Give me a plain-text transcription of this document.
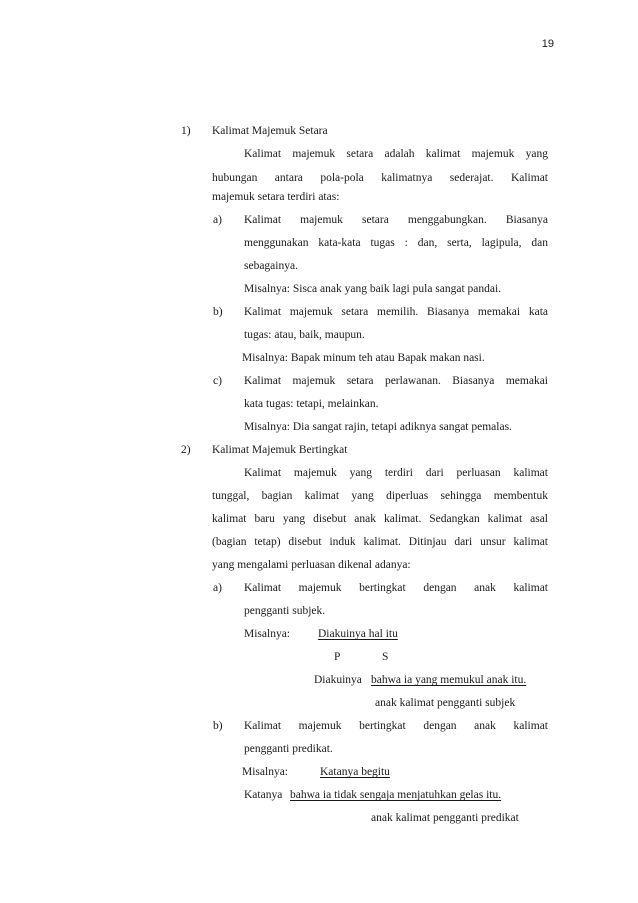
19
1) Kalimat Majemuk Setara
Kalimat majemuk setara adalah kalimat majemuk yang
hubungan antara pola-pola kalimatnya sederajat. Kalimat
majemuk setara terdiri atas:
a) Kalimat majemuk setara menggabungkan. Biasanya
menggunakan kata-kata tugas : dan, serta, lagipula, dan
sebagainya.
Misalnya: Sisca anak yang baik lagi pula sangat pandai.
b) Kalimat majemuk setara memilih. Biasanya memakai kata
tugas: atau, baik, maupun.
Misalnya: Bapak minum teh atau Bapak makan nasi.
c) Kalimat majemuk setara perlawanan. Biasanya memakai
kata tugas: tetapi, melainkan.
Misalnya: Dia sangat rajin, tetapi adiknya sangat pemalas.
2) Kalimat Majemuk Bertingkat
Kalimat majemuk yang terdiri dari perluasan kalimat
tunggal, bagian kalimat yang diperluas sehingga membentuk
kalimat baru yang disebut anak kalimat. Sedangkan kalimat asal
(bagian tetap) disebut induk kalimat. Ditinjau dari unsur kalimat
yang mengalami perluasan dikenal adanya:
a) Kalimat majemuk bertingkat dengan anak kalimat
pengganti subjek.
Misalnya: Diakuinya hal itu
P	S
Diakuinya bahwa ia yang memukul anak itu.
anak kalimat pengganti subjek
b) Kalimat majemuk bertingkat dengan anak kalimat
pengganti predikat.
Misalnya:	Katanya begitu
Katanya bahwa ia tidak sengaja menjatuhkan gelas itu.
anak kalimat pengganti predikat
